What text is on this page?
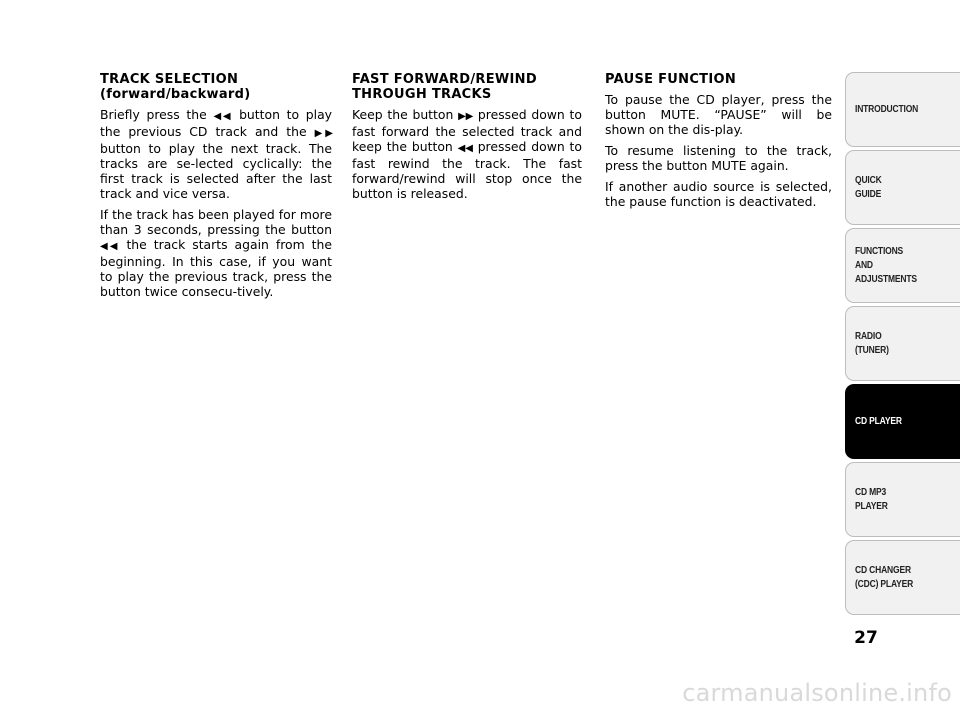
TRACK SELECTION
(forward/backward)

Briefly press the ◀◀ button to play the previous CD track and the ▶▶ button to play the next track. The tracks are se-lected cyclically: the first track is selected after the last track and vice versa.

If the track has been played for more than 3 seconds, pressing the button ◀◀ the track starts again from the beginning. In this case, if you want to play the previous track, press the button twice consecu-tively.

FAST FORWARD/REWIND
THROUGH TRACKS

Keep the button ▶▶ pressed down to fast forward the selected track and keep the button ◀◀ pressed down to fast rewind the track. The fast forward/rewind will stop once the button is released.

PAUSE FUNCTION

To pause the CD player, press the button MUTE. “PAUSE” will be shown on the dis-play.

To resume listening to the track, press the button MUTE again.

If another audio source is selected, the pause function is deactivated.

INTRODUCTION
QUICK
GUIDE
FUNCTIONS
AND
ADJUSTMENTS
RADIO
(TUNER)
CD PLAYER
CD MP3
PLAYER
CD CHANGER
(CDC) PLAYER
27
carmanualsonline.info
